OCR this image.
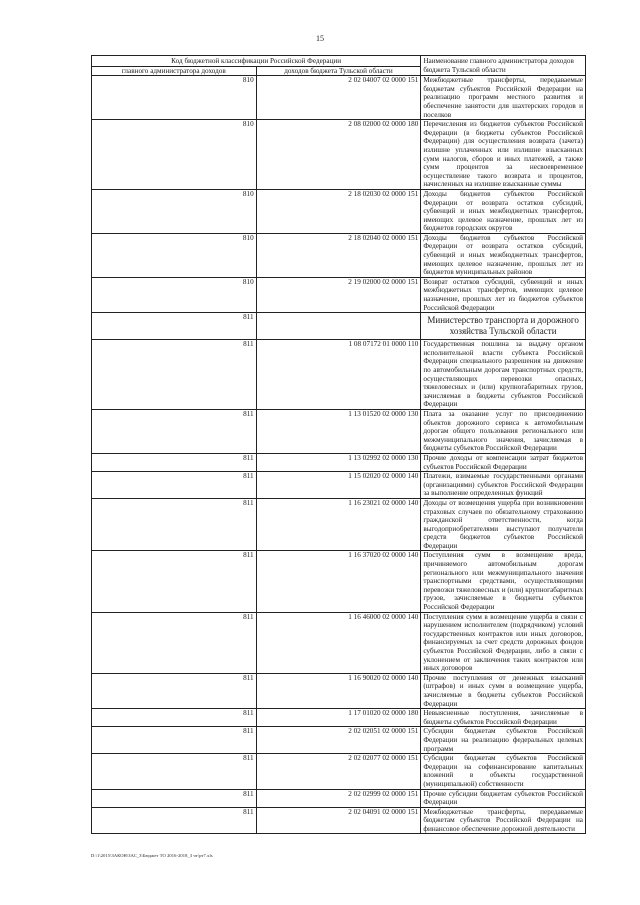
15
Код бюджетной классификации Российской Федерации		Наименование главного администратора доходов бюджета Тульской области
главного администратора доходов	доходов бюджета Тульской области	
810	2 02 04007 02 0000 151	Межбюджетные трансферты, передаваемые бюджетам субъектов Российской Федерации на реализацию программ местного развития и обеспечение занятости для шахтерских городов и поселков
810	2 08 02000 02 0000 180	Перечисления из бюджетов субъектов Российской Федерации (в бюджеты субъектов Российской Федерации) для осуществления возврата (зачета) излишне уплаченных или излишне взысканных сумм налогов, сборов и иных платежей, а также сумм процентов за несвоевременное осуществление такого возврата и процентов, начисленных на излишне взысканные суммы
810	2 18 02030 02 0000 151	Доходы бюджетов субъектов Российской Федерации от возврата остатков субсидий, субвенций и иных межбюджетных трансфертов, имеющих целевое назначение, прошлых лет из бюджетов городских округов
810	2 18 02040 02 0000 151	Доходы бюджетов субъектов Российской Федерации от возврата остатков субсидий, субвенций и иных межбюджетных трансфертов, имеющих целевое назначение, прошлых лет из бюджетов муниципальных районов
810	2 19 02000 02 0000 151	Возврат остатков субсидий, субвенций и иных межбюджетных трансфертов, имеющих целевое назначение, прошлых лет из бюджетов субъектов Российской Федерации
811		Министерство транспорта и дорожного хозяйства Тульской области
811	1 08 07172 01 0000 110	Государственная пошлина за выдачу органом исполнительной власти субъекта Российской Федерации специального разрешения на движение по автомобильным дорогам транспортных средств, осуществляющих перевозки опасных, тяжеловесных и (или) крупногабаритных грузов, зачисляемая в бюджеты субъектов Российской Федерации
811	1 13 01520 02 0000 130	Плата за оказание услуг по присоединению объектов дорожного сервиса к автомобильным дорогам общего пользования регионального или межмуниципального значения, зачисляемая в бюджеты субъектов Российской Федерации
811	1 13 02992 02 0000 130	Прочие доходы от компенсации затрат бюджетов субъектов Российской Федерации
811	1 15 02020 02 0000 140	Платежи, взимаемые государственными органами (организациями) субъектов Российской Федерации за выполнение определенных функций
811	1 16 23021 02 0000 140	Доходы от возмещения ущерба при возникновении страховых случаев по обязательному страхованию гражданской ответственности, когда выгодоприобретателями выступают получатели средств бюджетов субъектов Российской Федерации
811	1 16 37020 02 0000 140	Поступления сумм в возмещение вреда, причиняемого автомобильным дорогам регионального или межмуниципального значения транспортными средствами, осуществляющими перевозки тяжеловесных и (или) крупногабаритных грузов, зачисляемые в бюджеты субъектов Российской Федерации
811	1 16 46000 02 0000 140	Поступления сумм в возмещение ущерба в связи с нарушением исполнителем (подрядчиком) условий государственных контрактов или иных договоров, финансируемых за счет средств дорожных фондов субъектов Российской Федерации, либо в связи с уклонением от заключения таких контрактов или иных договоров
811	1 16 90020 02 0000 140	Прочие поступления от денежных взысканий (штрафов) и иных сумм в возмещение ущерба, зачисляемые в бюджеты субъектов Российской Федерации
811	1 17 01020 02 0000 180	Невыясненные поступления, зачисляемые в бюджеты субъектов Российской Федерации
811	2 02 02051 02 0000 151	Субсидии бюджетам субъектов Российской Федерации на реализацию федеральных целевых программ
811	2 02 02077 02 0000 151	Субсидии бюджетам субъектов Российской Федерации на софинансирование капитальных вложений в объекты государственной (муниципальной) собственности
811	2 02 02999 02 0000 151	Прочие субсидии бюджетам субъектов Российской Федерации
811	2 02 04091 02 0000 151	Межбюджетные трансферты, передаваемые бюджетам субъектов Российской Федерации на финансовое обеспечение дорожной деятельности
D:\1\2015\ЗАКОН\ЗАС_3\Бюджет ТО 2016-2018_3 чт\рт7.xls
